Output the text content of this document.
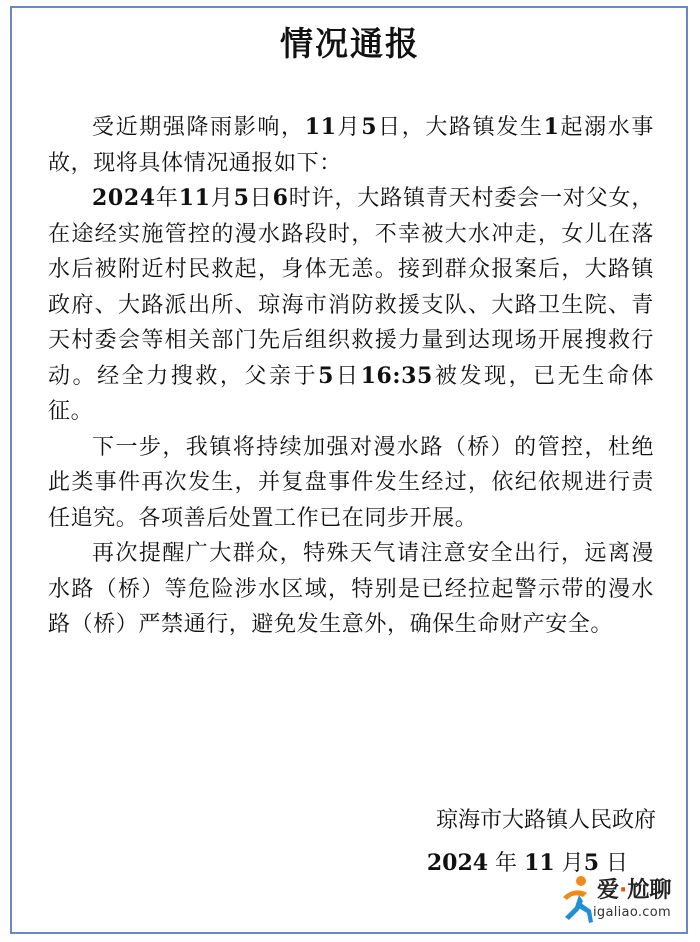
情况通报

受近期强降雨影响，11月5日，大路镇发生1起溺水事故，现将具体情况通报如下：

2024年11月5日6时许，大路镇青天村委会一对父女，在途经实施管控的漫水路段时，不幸被大水冲走，女儿在落水后被附近村民救起，身体无恙。接到群众报案后，大路镇政府、大路派出所、琼海市消防救援支队、大路卫生院、青天村委会等相关部门先后组织救援力量到达现场开展搜救行动。经全力搜救，父亲于5日16:35被发现，已无生命体征。

下一步，我镇将持续加强对漫水路（桥）的管控，杜绝此类事件再次发生，并复盘事件发生经过，依纪依规进行责任追究。各项善后处置工作已在同步开展。

再次提醒广大群众，特殊天气请注意安全出行，远离漫水路（桥）等危险涉水区域，特别是已经拉起警示带的漫水路（桥）严禁通行，避免发生意外，确保生命财产安全。

琼海市大路镇人民政府
2024 年 11 月5 日
爱·尬聊
igaliao.com
